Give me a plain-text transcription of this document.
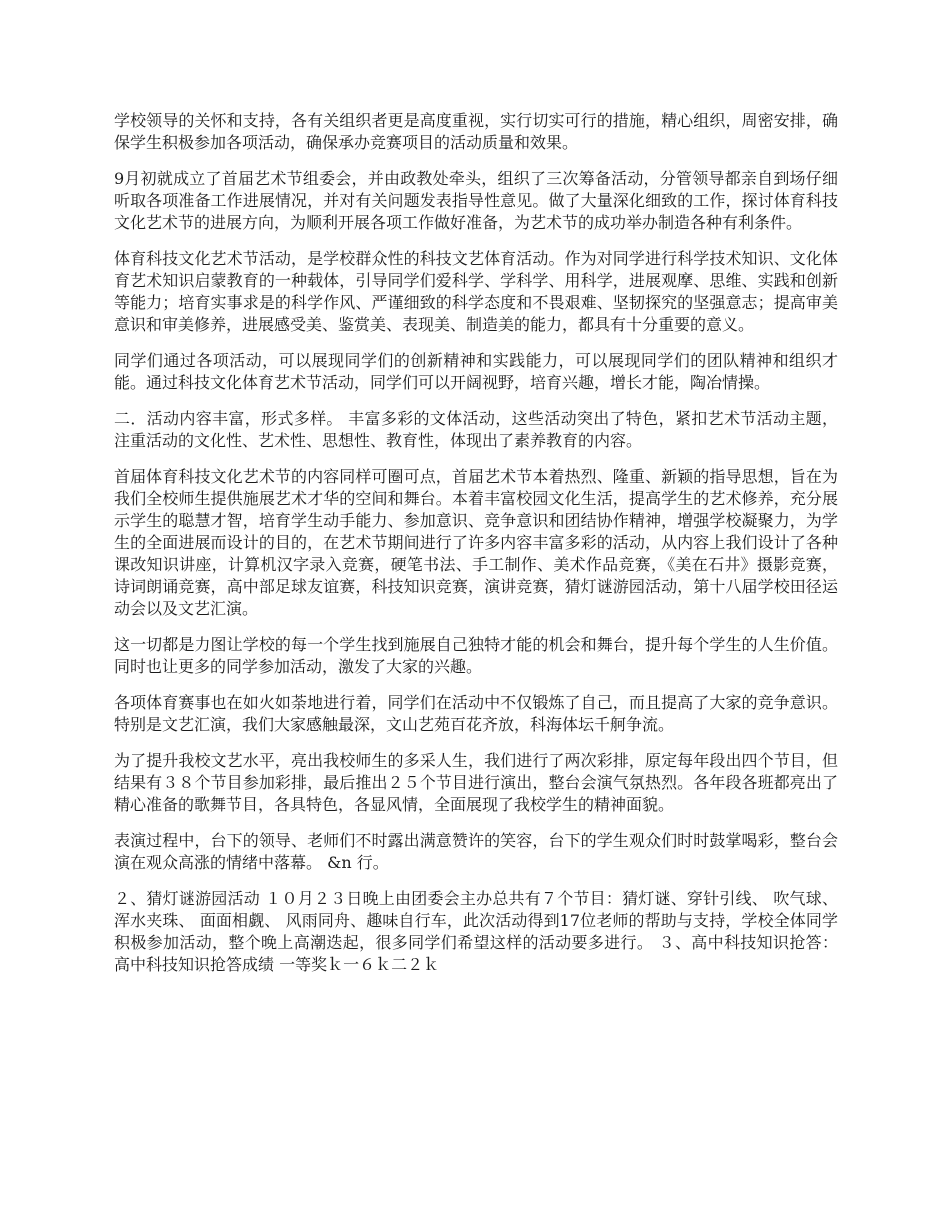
学校领导的关怀和支持，各有关组织者更是高度重视，实行切实可行的措施，精心组织，周密安排，确保学生积极参加各项活动，确保承办竞赛项目的活动质量和效果。

9月初就成立了首届艺术节组委会，并由政教处牵头，组织了三次筹备活动，分管领导都亲自到场仔细听取各项准备工作进展情况，并对有关问题发表指导性意见。做了大量深化细致的工作，探讨体育科技文化艺术节的进展方向，为顺利开展各项工作做好准备，为艺术节的成功举办制造各种有利条件。

体育科技文化艺术节活动，是学校群众性的科技文艺体育活动。作为对同学进行科学技术知识、文化体育艺术知识启蒙教育的一种载体，引导同学们爱科学、学科学、用科学，进展观摩、思维、实践和创新等能力；培育实事求是的科学作风、严谨细致的科学态度和不畏艰难、坚韧探究的坚强意志；提高审美意识和审美修养，进展感受美、鉴赏美、表现美、制造美的能力，都具有十分重要的意义。

同学们通过各项活动，可以展现同学们的创新精神和实践能力，可以展现同学们的团队精神和组织才能。通过科技文化体育艺术节活动，同学们可以开阔视野，培育兴趣，增长才能，陶冶情操。

二．活动内容丰富，形式多样。 丰富多彩的文体活动，这些活动突出了特色，紧扣艺术节活动主题，注重活动的文化性、艺术性、思想性、教育性，体现出了素养教育的内容。

首届体育科技文化艺术节的内容同样可圈可点，首届艺术节本着热烈、隆重、新颖的指导思想，旨在为我们全校师生提供施展艺术才华的空间和舞台。本着丰富校园文化生活，提高学生的艺术修养，充分展示学生的聪慧才智，培育学生动手能力、参加意识、竞争意识和团结协作精神，增强学校凝聚力，为学生的全面进展而设计的目的，在艺术节期间进行了许多内容丰富多彩的活动，从内容上我们设计了各种课改知识讲座，计算机汉字录入竞赛，硬笔书法、手工制作、美术作品竞赛，《美在石井》摄影竞赛，诗词朗诵竞赛，高中部足球友谊赛，科技知识竞赛，演讲竞赛，猜灯谜游园活动，第十八届学校田径运动会以及文艺汇演。

这一切都是力图让学校的每一个学生找到施展自己独特才能的机会和舞台，提升每个学生的人生价值。同时也让更多的同学参加活动，激发了大家的兴趣。

各项体育赛事也在如火如荼地进行着，同学们在活动中不仅锻炼了自己，而且提高了大家的竞争意识。特别是文艺汇演，我们大家感触最深，文山艺苑百花齐放，科海体坛千舸争流。

为了提升我校文艺水平，亮出我校师生的多采人生，我们进行了两次彩排，原定每年段出四个节目，但结果有３８个节目参加彩排，最后推出２５个节目进行演出，整台会演气氛热烈。各年段各班都亮出了精心准备的歌舞节目，各具特色，各显风情，全面展现了我校学生的精神面貌。

表演过程中，台下的领导、老师们不时露出满意赞许的笑容，台下的学生观众们时时鼓掌喝彩，整台会演在观众高涨的情绪中落幕。 &n 行。

２、猜灯谜游园活动 １０月２３日晚上由团委会主办总共有７个节目：猜灯谜、穿针引线、 吹气球、 浑水夹珠、 面面相觑、 风雨同舟、趣味自行车，此次活动得到17位老师的帮助与支持，学校全体同学积极参加活动，整个晚上高潮迭起，很多同学们希望这样的活动要多进行。 ３、高中科技知识抢答： 高中科技知识抢答成绩 一等奖ｋ一６ｋ二２ｋ
